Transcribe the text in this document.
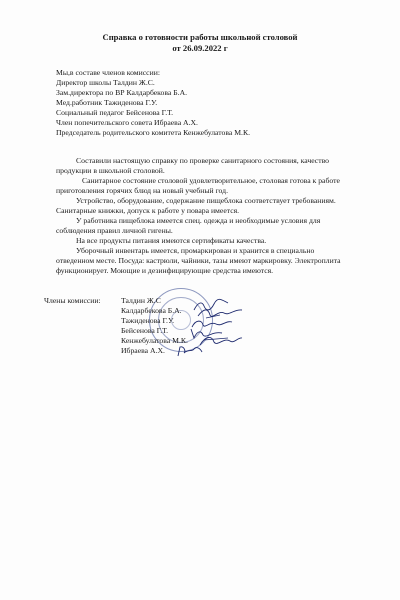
Справка о готовности работы школьной столовой
от 26.09.2022 г
Мы,в составе членов комиссии:
Директор школы Талдин Ж.С.
Зам.директора по ВР Калдарбекова Б.А.
Мед.работник Тажиденова Г.У.
Социальный педагог Бейсенова Г.Т.
Член попечительского совета Ибраева А.Х.
Председатель родительского комитета Кенжебулатова М.К.
Составили настоящую справку по проверке санитарного состояния, качество
продукции в школьной столовой.
Санитарное состояние столовой удовлетворительное, столовая готова к работе
приготовления горячих блюд на новый учебный год.
Устройство, оборудование, содержание пищеблока соответствует требованиям.
Санитарные книжки, допуск к работе у повара имеется.
У работника пищеблока имеется спец. одежда и необходимые условия для
соблюдения правил личной гигены.
На все продукты питания имеются сертификаты качества.
Уборочный инвентарь имеется, промаркирован и хранится в специально
отведенном месте. Посуда: кастрюли, чайники, тазы имеют маркировку. Электроплита
функционирует. Моющие и дезинфицирующие средства имеются.
Члены комиссии:	Талдин Ж.С
Калдарбекова Б.А.
Тажиденова Г.У.
Бейсенова Г.Т.
Кенжебулатова М.К.
Ибраева А.Х.
